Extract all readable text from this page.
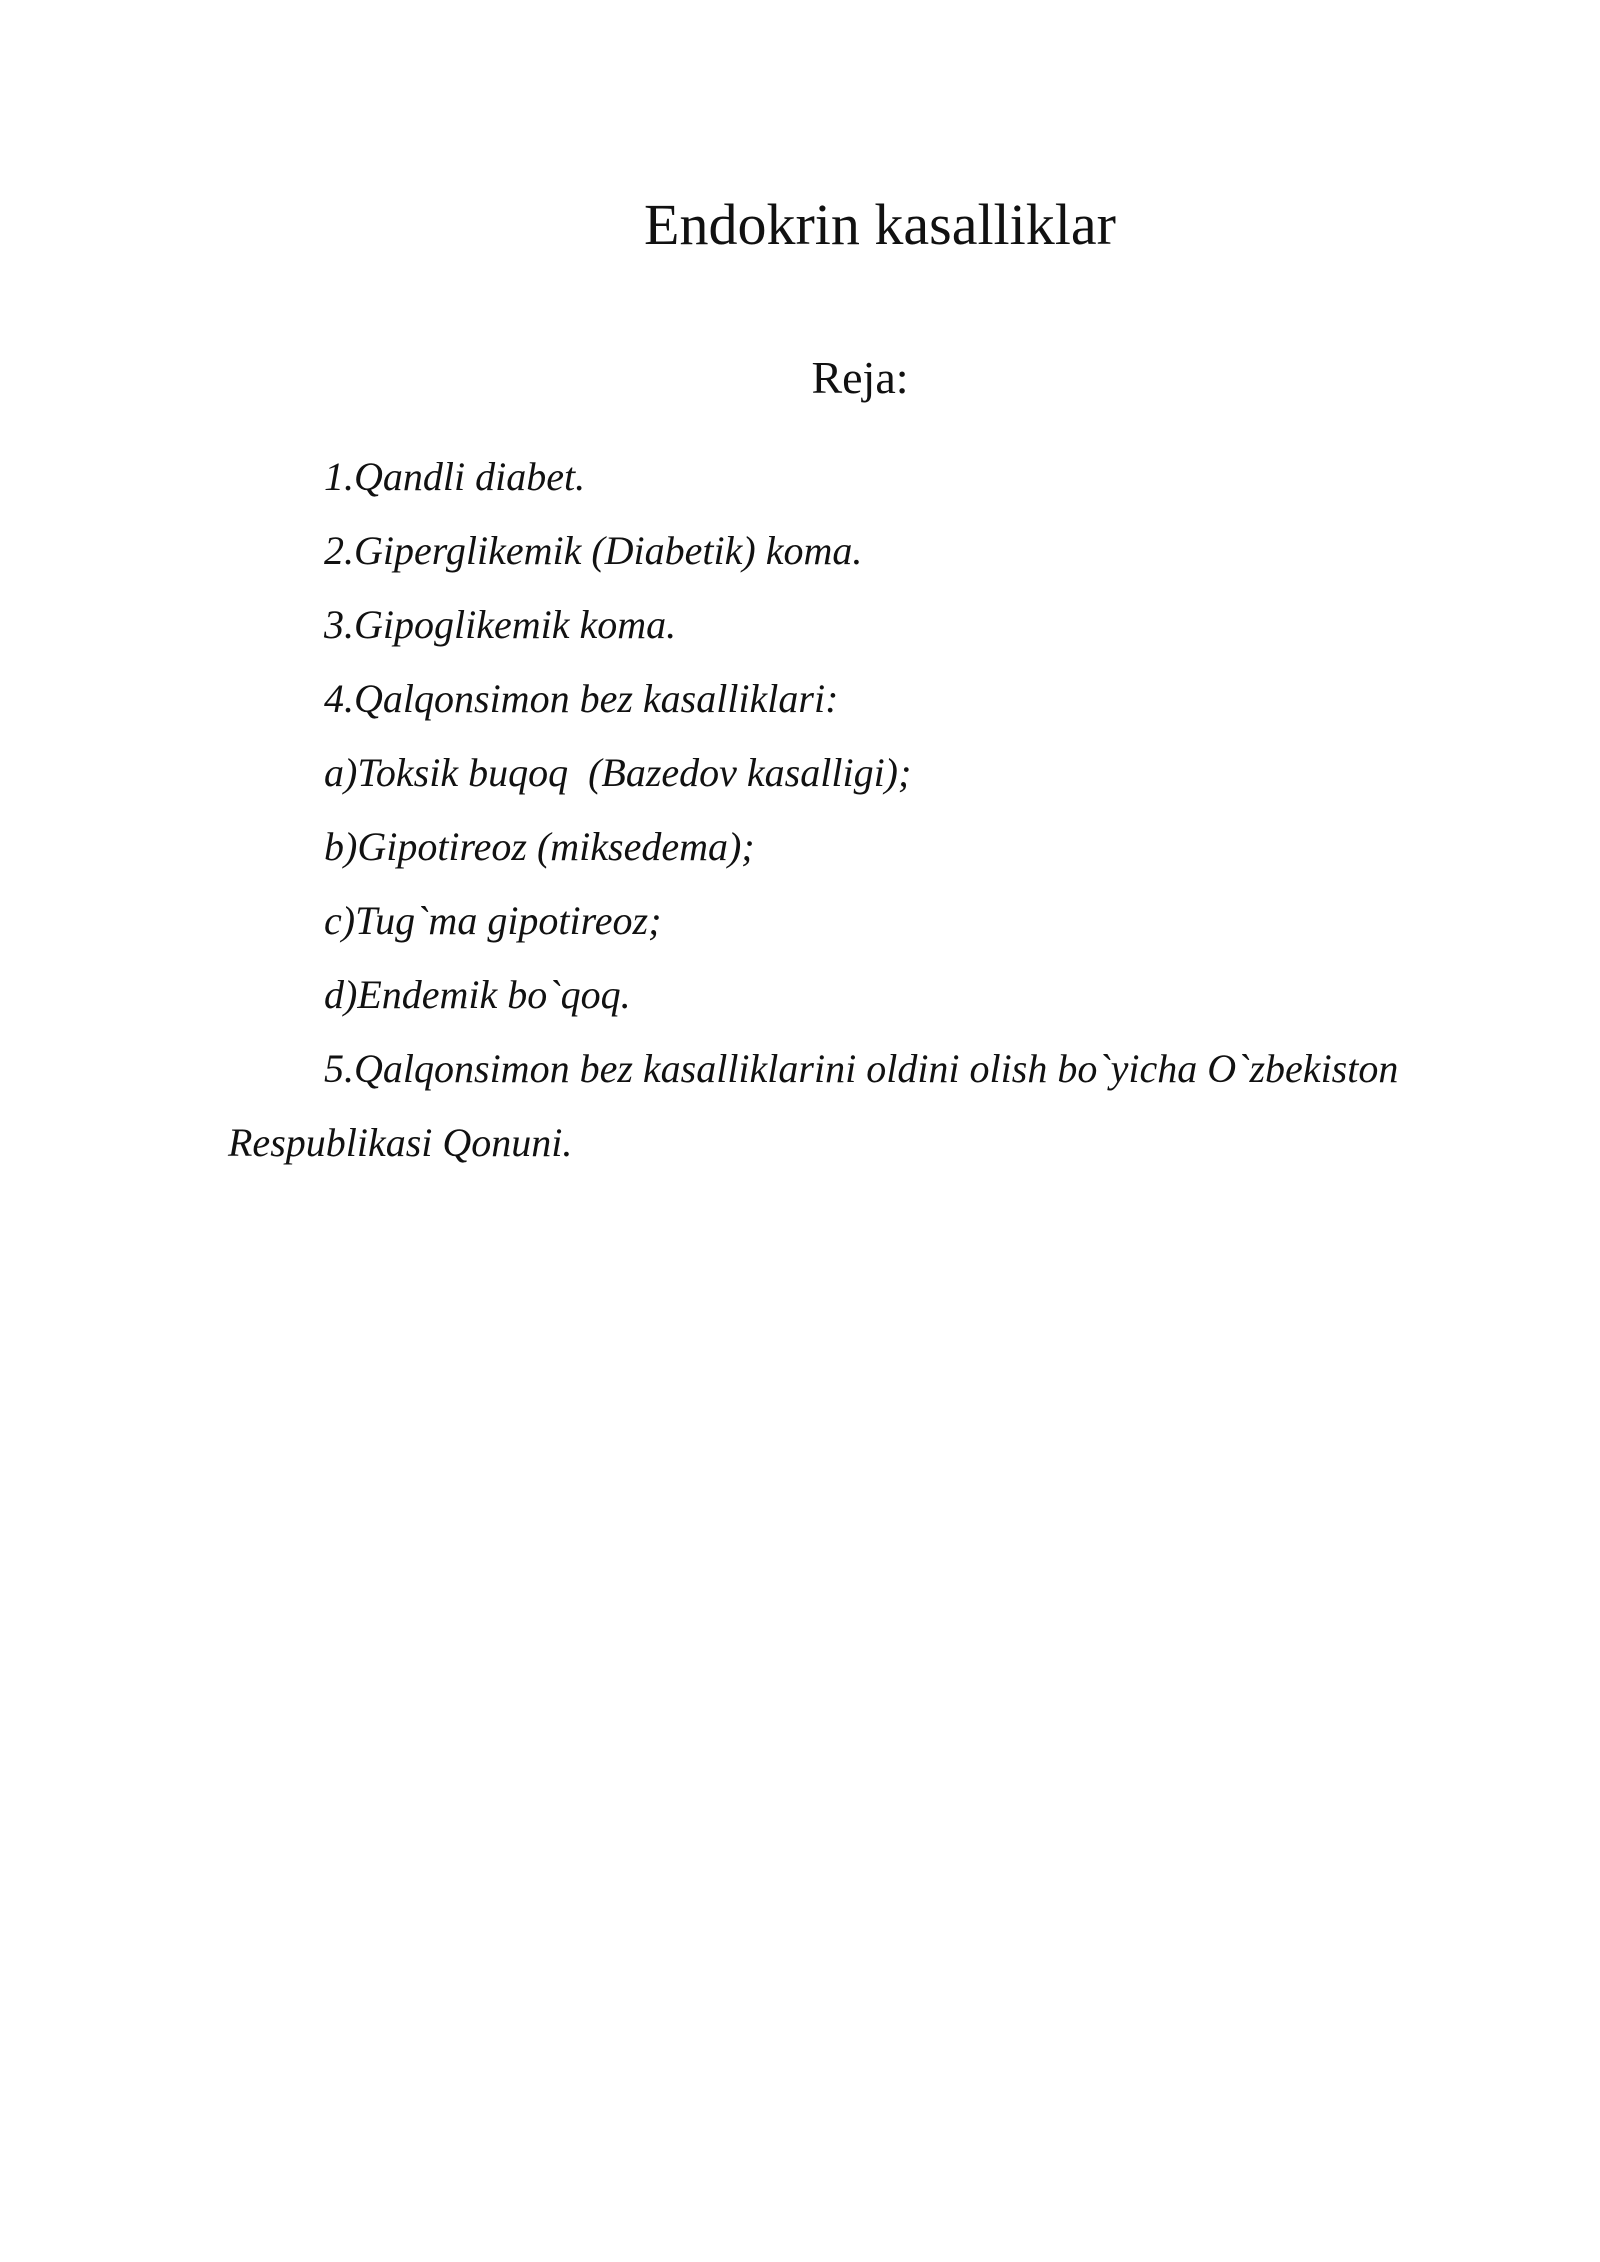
Endokrin kasalliklar
Reja:
1.Qandli diabet.
2.Giperglikemik (Diabetik) koma.
3.Gipoglikemik koma.
4.Qalqonsimon bez kasalliklari:
a)Toksik buqoq  (Bazedov kasalligi);
b)Gipotireoz (miksedema);
c)Tug`ma gipotireoz;
d)Endemik bo`qoq.
5.Qalqonsimon bez kasalliklarini oldini olish bo`yicha O`zbekiston Respublikasi Qonuni.
